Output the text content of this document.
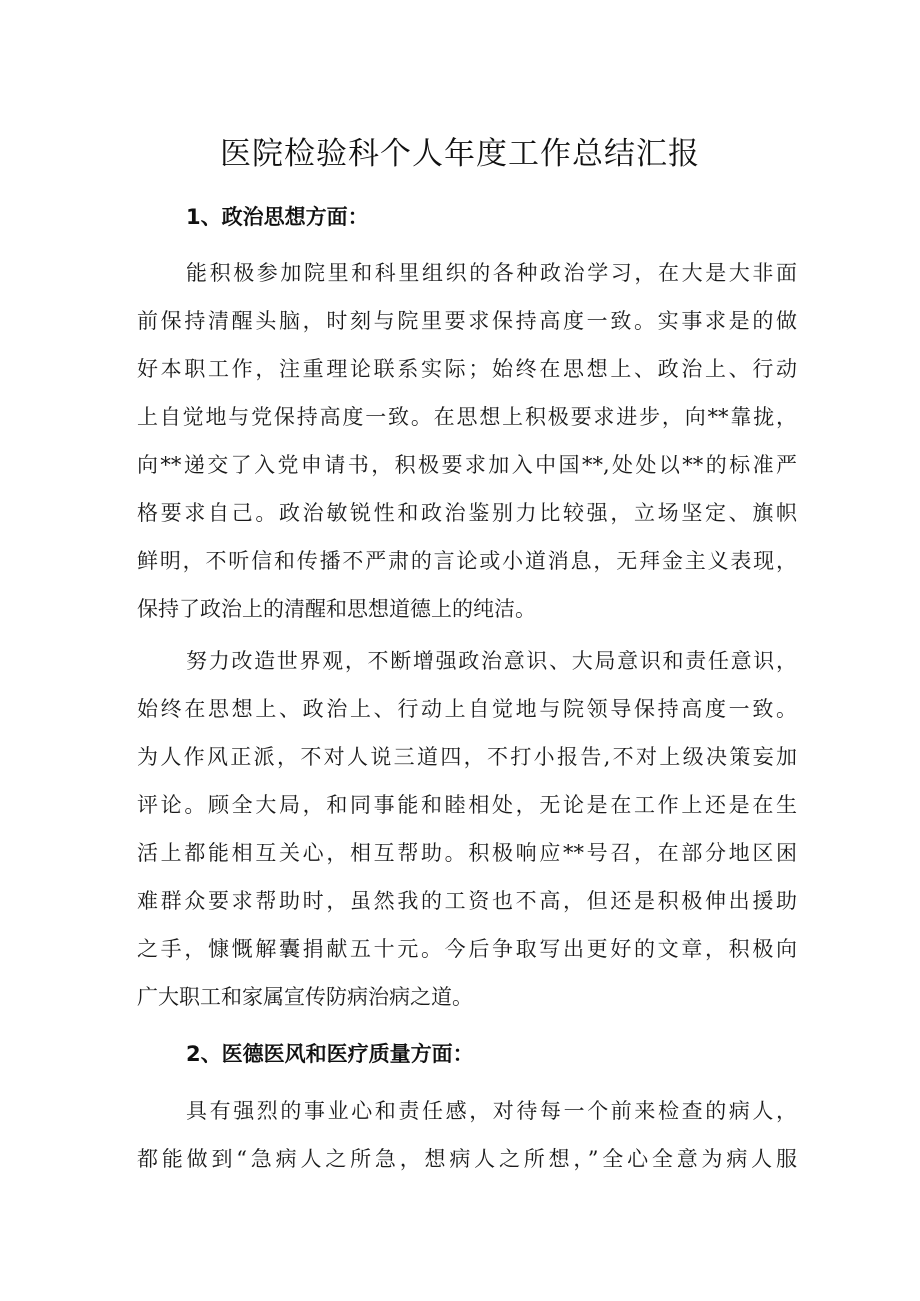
医院检验科个人年度工作总结汇报
1、政治思想方面：
能积极参加院里和科里组织的各种政治学习，在大是大非面
前保持清醒头脑，时刻与院里要求保持高度一致。实事求是的做
好本职工作，注重理论联系实际；始终在思想上、政治上、行动
上自觉地与党保持高度一致。在思想上积极要求进步，向**靠拢，
向**递交了入党申请书，积极要求加入中国**,处处以**的标准严
格要求自己。政治敏锐性和政治鉴别力比较强，立场坚定、旗帜
鲜明，不听信和传播不严肃的言论或小道消息，无拜金主义表现，
保持了政治上的清醒和思想道德上的纯洁。
努力改造世界观，不断增强政治意识、大局意识和责任意识，
始终在思想上、政治上、行动上自觉地与院领导保持高度一致。
为人作风正派，不对人说三道四，不打小报告,不对上级决策妄加
评论。顾全大局，和同事能和睦相处，无论是在工作上还是在生
活上都能相互关心，相互帮助。积极响应**号召，在部分地区困
难群众要求帮助时，虽然我的工资也不高，但还是积极伸出援助
之手，慷慨解囊捐献五十元。今后争取写出更好的文章，积极向
广大职工和家属宣传防病治病之道。
2、医德医风和医疗质量方面：
具有强烈的事业心和责任感，对待每一个前来检查的病人，
都能做到“急病人之所急，想病人之所想，”全心全意为病人服
